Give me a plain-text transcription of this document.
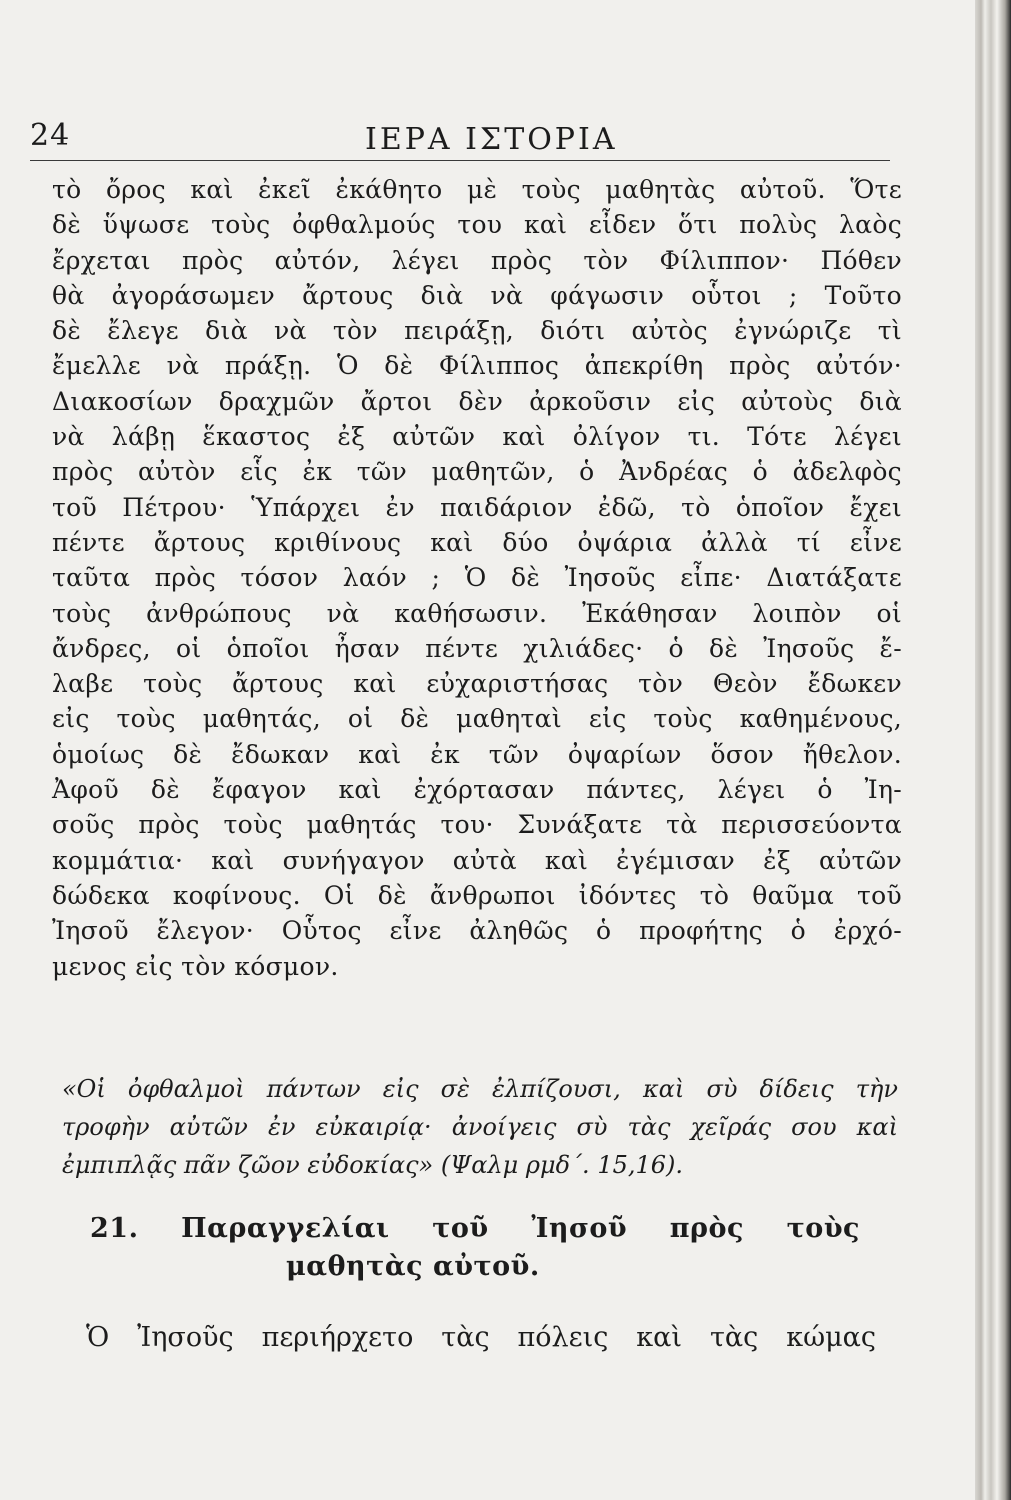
24	ΙΕΡΑ ΙΣΤΟΡΙΑ
τὸ ὄρος καὶ ἐκεῖ ἐκάθητο μὲ τοὺς μαθητὰς αὐτοῦ. Ὅτε
δὲ ὕψωσε τοὺς ὀφθαλμούς του καὶ εἶδεν ὅτι πολὺς λαὸς
ἔρχεται πρὸς αὐτόν, λέγει πρὸς τὸν Φίλιππον· Πόθεν
θὰ ἀγοράσωμεν ἄρτους διὰ νὰ φάγωσιν οὗτοι ; Τοῦτο
δὲ ἔλεγε διὰ νὰ τὸν πειράξῃ, διότι αὐτὸς ἐγνώριζε τὶ
ἔμελλε νὰ πράξῃ. Ὁ δὲ Φίλιππος ἀπεκρίθη πρὸς αὐτόν·
Διακοσίων δραχμῶν ἄρτοι δὲν ἀρκοῦσιν εἰς αὐτοὺς διὰ
νὰ λάβῃ ἕκαστος ἐξ αὐτῶν καὶ ὀλίγον τι. Τότε λέγει
πρὸς αὐτὸν εἷς ἐκ τῶν μαθητῶν, ὁ Ἀνδρέας ὁ ἀδελφὸς
τοῦ Πέτρου· Ὑπάρχει ἐν παιδάριον ἐδῶ, τὸ ὁποῖον ἔχει
πέντε ἄρτους κριθίνους καὶ δύο ὀψάρια ἀλλὰ τί εἶνε
ταῦτα πρὸς τόσον λαόν ; Ὁ δὲ Ἰησοῦς εἶπε· Διατάξατε
τοὺς ἀνθρώπους νὰ καθήσωσιν. Ἐκάθησαν λοιπὸν οἱ
ἄνδρες, οἱ ὁποῖοι ἦσαν πέντε χιλιάδες· ὁ δὲ Ἰησοῦς ἔ-
λαβε τοὺς ἄρτους καὶ εὐχαριστήσας τὸν Θεὸν ἔδωκεν
εἰς τοὺς μαθητάς, οἱ δὲ μαθηταὶ εἰς τοὺς καθημένους,
ὁμοίως δὲ ἔδωκαν καὶ ἐκ τῶν ὀψαρίων ὅσον ἤθελον.
Ἀφοῦ δὲ ἔφαγον καὶ ἐχόρτασαν πάντες, λέγει ὁ Ἰη-
σοῦς πρὸς τοὺς μαθητάς του· Συνάξατε τὰ περισσεύοντα
κομμάτια· καὶ συνήγαγον αὐτὰ καὶ ἐγέμισαν ἐξ αὐτῶν
δώδεκα κοφίνους. Οἱ δὲ ἄνθρωποι ἰδόντες τὸ θαῦμα τοῦ
Ἰησοῦ ἔλεγον· Οὗτος εἶνε ἀληθῶς ὁ προφήτης ὁ ἐρχό-
μενος εἰς τὸν κόσμον.
«Οἱ ὀφθαλμοὶ πάντων εἰς σὲ ἐλπίζουσι, καὶ σὺ δίδεις τὴν
τροφὴν αὐτῶν ἐν εὐκαιρίᾳ· ἀνοίγεις σὺ τὰς χεῖράς σου καὶ
ἐμπιπλᾷς πᾶν ζῶον εὐδοκίας» (Ψαλμ ρμδ΄. 15,16).
21. Παραγγελίαι τοῦ Ἰησοῦ πρὸς τοὺς
μαθητὰς αὐτοῦ.
Ὁ Ἰησοῦς περιήρχετο τὰς πόλεις καὶ τὰς κώμας
